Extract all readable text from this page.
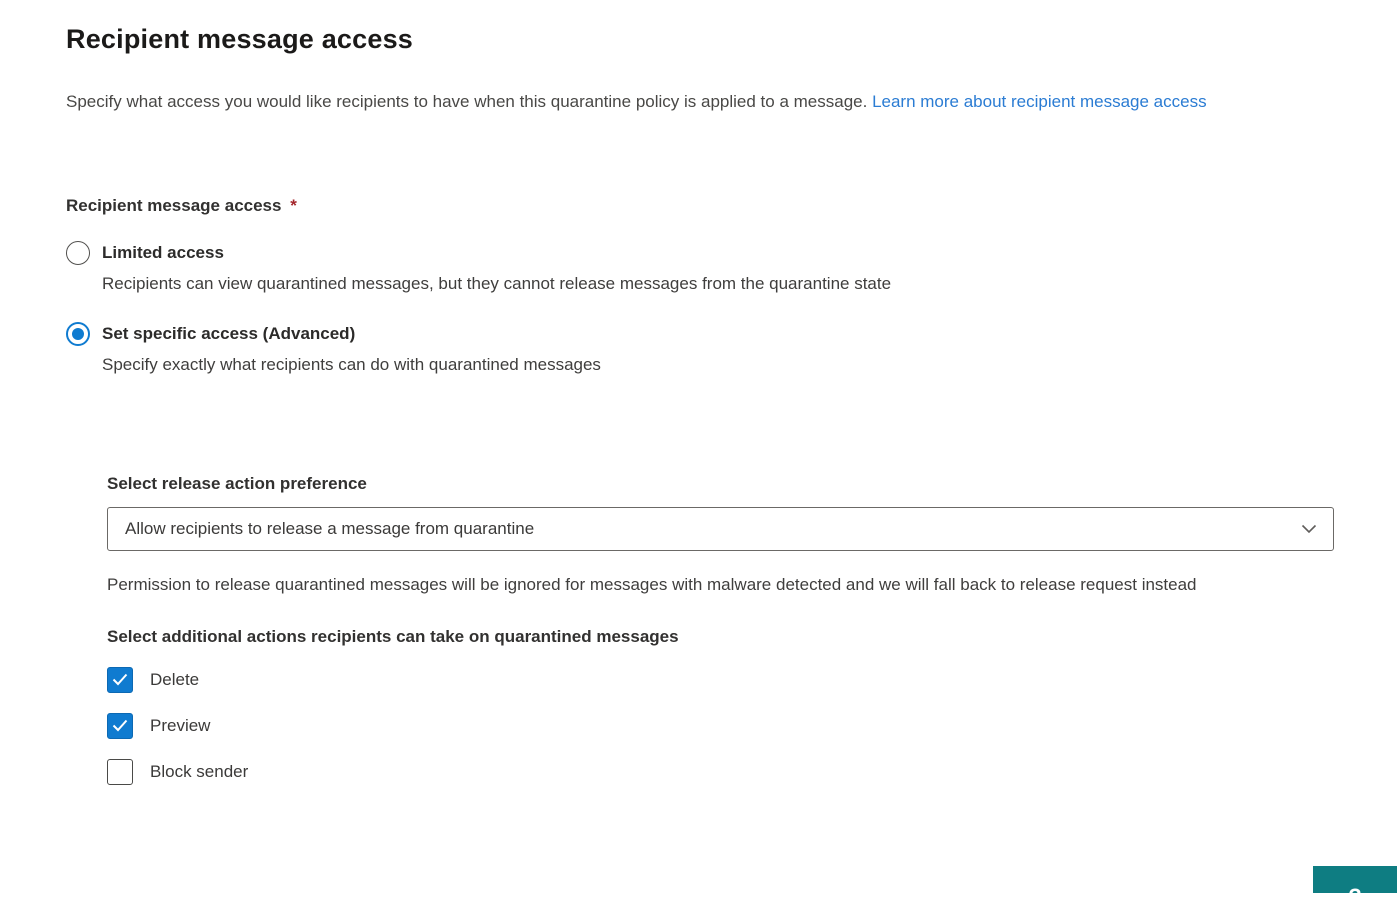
Recipient message access

Specify what access you would like recipients to have when this quarantine policy is applied to a message. Learn more about recipient message access

Recipient message access *
Limited access
Recipients can view quarantined messages, but they cannot release messages from the quarantine state
Set specific access (Advanced)
Specify exactly what recipients can do with quarantined messages
Select release action preference
Allow recipients to release a message from quarantine
Permission to release quarantined messages will be ignored for messages with malware detected and we will fall back to release request instead
Select additional actions recipients can take on quarantined messages
Delete
Preview
Block sender
?
